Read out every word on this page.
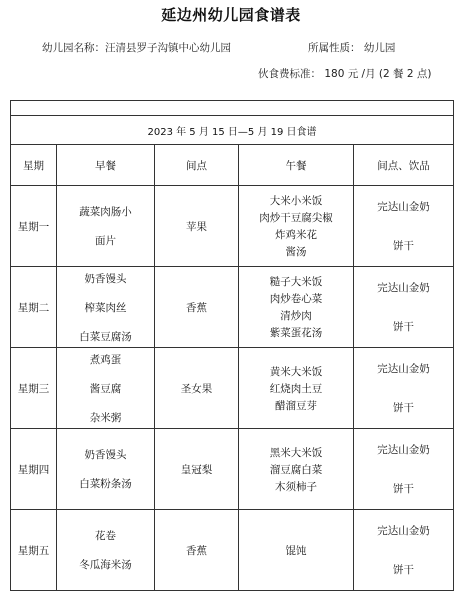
延边州幼儿园食谱表
幼儿园名称：汪清县罗子沟镇中心幼儿园	所属性质： 幼儿园
伙食费标准： 180 元 /月 (2 餐 2 点)

2023 年 5 月 15 日—5 月 19 日食谱				
星期	早餐	间点	午餐	间点、饮品
星期一	蔬菜肉肠小
面片	苹果	大米小米饭
肉炒干豆腐尖椒
炸鸡米花
酱汤	完达山金奶
饼干

星期二	奶香馒头
榨菜肉丝
白菜豆腐汤	香蕉	糙子大米饭
肉炒卷心菜
清炒肉
紫菜蛋花汤	完达山金奶
饼干

星期三	煮鸡蛋
酱豆腐
杂米粥	圣女果	黄米大米饭
红烧肉土豆
醋溜豆芽	完达山金奶
饼干

星期四	奶香馒头
白菜粉条汤	皇冠梨	黑米大米饭
溜豆腐白菜
木须柿子	完达山金奶
饼干

星期五	花卷
冬瓜海米汤	香蕉	馄饨	完达山金奶
饼干
